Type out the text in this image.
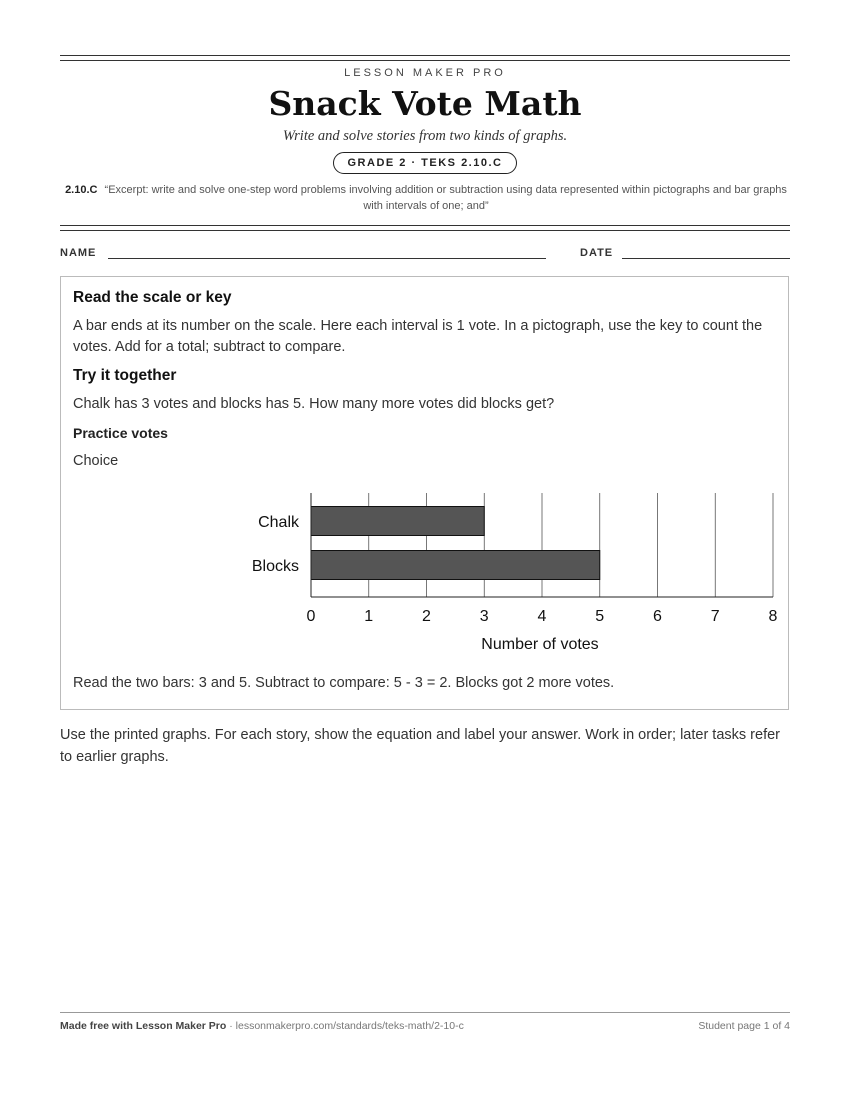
LESSON MAKER PRO
Snack Vote Math
Write and solve stories from two kinds of graphs.
GRADE 2 · TEKS 2.10.C
2.10.C “Excerpt: write and solve one-step word problems involving addition or subtraction using data represented within pictographs and bar graphs with intervals of one; and”
NAME	DATE
Read the scale or key
A bar ends at its number on the scale. Here each interval is 1 vote. In a pictograph, use the key to count the votes. Add for a total; subtract to compare.
Try it together
Chalk has 3 votes and blocks has 5. How many more votes did blocks get?
Practice votes
Choice
Chalk
Blocks
0	1	2	3	4	5	6	7	8
Number of votes
Read the two bars: 3 and 5. Subtract to compare: 5 - 3 = 2. Blocks got 2 more votes.
Use the printed graphs. For each story, show the equation and label your answer. Work in order; later tasks refer to earlier graphs.
Made free with Lesson Maker Pro · lessonmakerpro.com/standards/teks-math/2-10-c	Student page 1 of 4
